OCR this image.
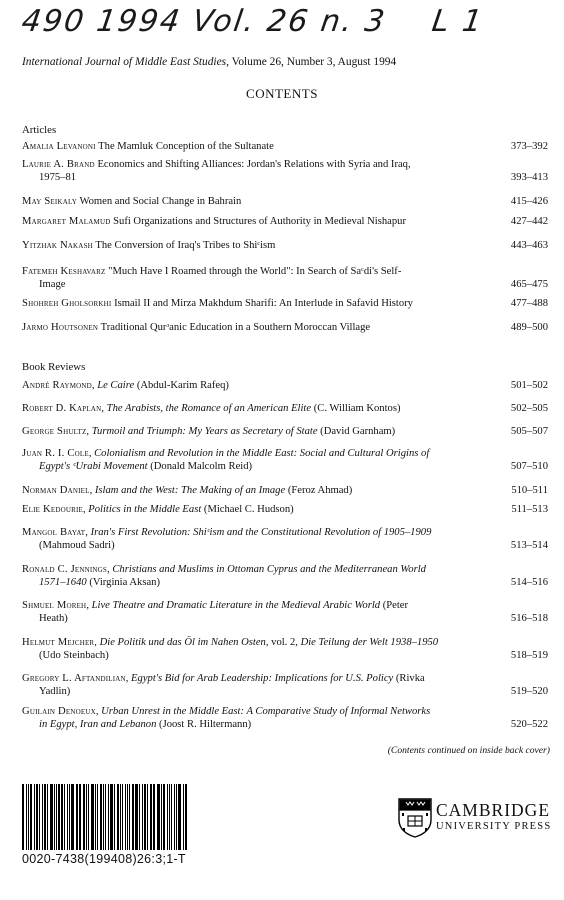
490 1994 Vol. 26 n. 3    L 1
International Journal of Middle East Studies, Volume 26, Number 3, August 1994
CONTENTS
Articles
Amalia Levanoni The Mamluk Conception of the Sultanate	373–392
Laurie A. Brand Economics and Shifting Alliances: Jordan's Relations with Syria and Iraq,
1975–81	393–413
May Seikaly Women and Social Change in Bahrain	415–426
Margaret Malamud Sufi Organizations and Structures of Authority in Medieval Nishapur	427–442
Yitzhak Nakash The Conversion of Iraq's Tribes to Shiᶜism	443–463
Fatemeh Keshavarz "Much Have I Roamed through the World": In Search of Saᶜdi's Self-
Image	465–475
Shohreh Gholsorkhi Ismail II and Mirza Makhdum Sharifi: An Interlude in Safavid History	477–488
Jarmo Houtsonen Traditional Qurᵓanic Education in a Southern Moroccan Village	489–500
Book Reviews
André Raymond, Le Caire (Abdul-Karim Rafeq)	501–502
Robert D. Kaplan, The Arabists, the Romance of an American Elite (C. William Kontos)	502–505
George Shultz, Turmoil and Triumph: My Years as Secretary of State (David Garnham)	505–507
Juan R. I. Cole, Colonialism and Revolution in the Middle East: Social and Cultural Origins of
Egypt's ᶜUrabi Movement (Donald Malcolm Reid)	507–510
Norman Daniel, Islam and the West: The Making of an Image (Feroz Ahmad)	510–511
Elie Kedourie, Politics in the Middle East (Michael C. Hudson)	511–513
Mangol Bayat, Iran's First Revolution: Shiᶜism and the Constitutional Revolution of 1905–1909
(Mahmoud Sadri)	513–514
Ronald C. Jennings, Christians and Muslims in Ottoman Cyprus and the Mediterranean World
1571–1640 (Virginia Aksan)	514–516
Shmuel Moreh, Live Theatre and Dramatic Literature in the Medieval Arabic World (Peter
Heath)	516–518
Helmut Mejcher, Die Politik und das Öl im Nahen Osten, vol. 2, Die Teilung der Welt 1938–1950
(Udo Steinbach)	518–519
Gregory L. Aftandilian, Egypt's Bid for Arab Leadership: Implications for U.S. Policy (Rivka
Yadlin)	519–520
Guilain Denoeux, Urban Unrest in the Middle East: A Comparative Study of Informal Networks
in Egypt, Iran and Lebanon (Joost R. Hiltermann)	520–522
(Contents continued on inside back cover)
0020-7438(199408)26:3;1-T
CAMBRIDGE
UNIVERSITY PRESS
